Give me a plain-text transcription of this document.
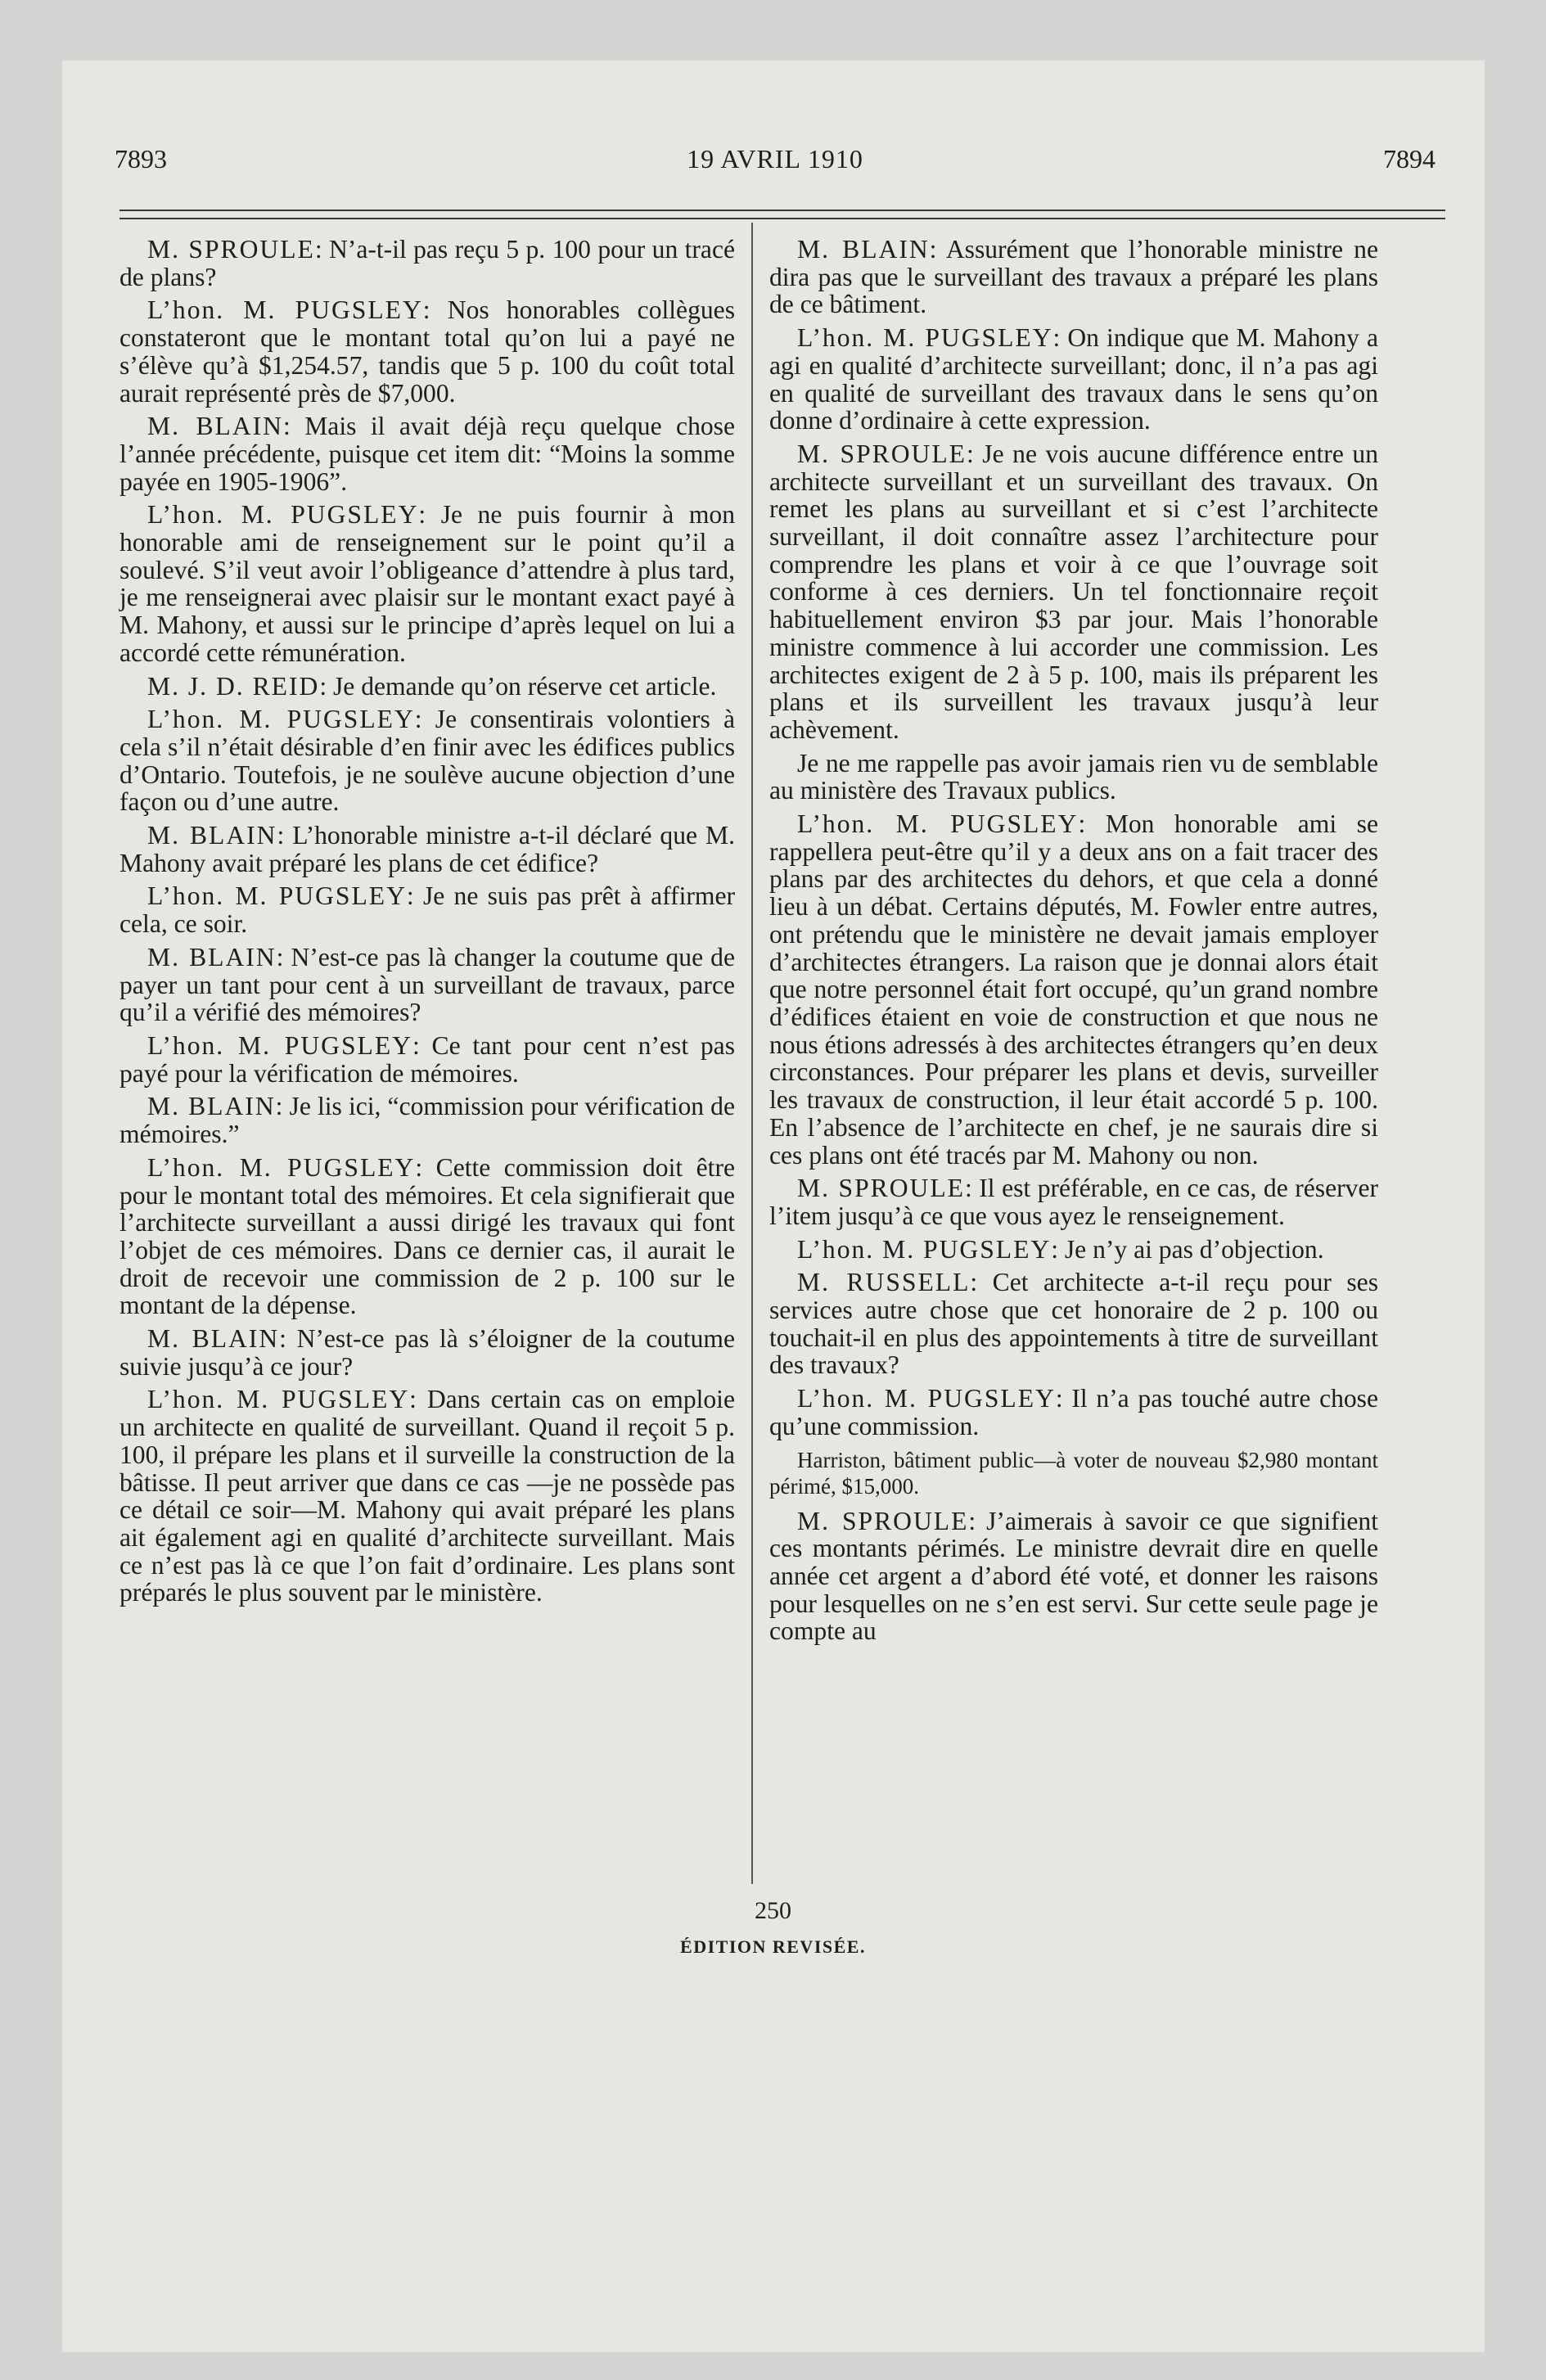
7893	19 AVRIL 1910	7894

M. SPROULE: N’a-t-il pas reçu 5 p. 100 pour un tracé de plans?

L’hon. M. PUGSLEY: Nos honorables collègues constateront que le montant total qu’on lui a payé ne s’élève qu’à $1,254.57, tandis que 5 p. 100 du coût total aurait représenté près de $7,000.

M. BLAIN: Mais il avait déjà reçu quelque chose l’année précédente, puisque cet item dit: “Moins la somme payée en 1905-1906”.

L’hon. M. PUGSLEY: Je ne puis fournir à mon honorable ami de renseignement sur le point qu’il a soulevé. S’il veut avoir l’obligeance d’attendre à plus tard, je me renseignerai avec plaisir sur le montant exact payé à M. Mahony, et aussi sur le principe d’après lequel on lui a accordé cette rémunération.

M. J. D. REID: Je demande qu’on réserve cet article.

L’hon. M. PUGSLEY: Je consentirais volontiers à cela s’il n’était désirable d’en finir avec les édifices publics d’Ontario. Toutefois, je ne soulève aucune objection d’une façon ou d’une autre.

M. BLAIN: L’honorable ministre a-t-il déclaré que M. Mahony avait préparé les plans de cet édifice?

L’hon. M. PUGSLEY: Je ne suis pas prêt à affirmer cela, ce soir.

M. BLAIN: N’est-ce pas là changer la coutume que de payer un tant pour cent à un surveillant de travaux, parce qu’il a vérifié des mémoires?

L’hon. M. PUGSLEY: Ce tant pour cent n’est pas payé pour la vérification de mémoires.

M. BLAIN: Je lis ici, “commission pour vérification de mémoires.”

L’hon. M. PUGSLEY: Cette commission doit être pour le montant total des mémoires. Et cela signifierait que l’architecte surveillant a aussi dirigé les travaux qui font l’objet de ces mémoires. Dans ce dernier cas, il aurait le droit de recevoir une commission de 2 p. 100 sur le montant de la dépense.

M. BLAIN: N’est-ce pas là s’éloigner de la coutume suivie jusqu’à ce jour?

L’hon. M. PUGSLEY: Dans certain cas on emploie un architecte en qualité de surveillant. Quand il reçoit 5 p. 100, il prépare les plans et il surveille la construction de la bâtisse. Il peut arriver que dans ce cas —je ne possède pas ce détail ce soir—M. Mahony qui avait préparé les plans ait également agi en qualité d’architecte surveillant. Mais ce n’est pas là ce que l’on fait d’ordinaire. Les plans sont préparés le plus souvent par le ministère.

M. BLAIN: Assurément que l’honorable ministre ne dira pas que le surveillant des travaux a préparé les plans de ce bâtiment.

L’hon. M. PUGSLEY: On indique que M. Mahony a agi en qualité d’architecte surveillant; donc, il n’a pas agi en qualité de surveillant des travaux dans le sens qu’on donne d’ordinaire à cette expression.

M. SPROULE: Je ne vois aucune différence entre un architecte surveillant et un surveillant des travaux. On remet les plans au surveillant et si c’est l’architecte surveillant, il doit connaître assez l’architecture pour comprendre les plans et voir à ce que l’ouvrage soit conforme à ces derniers. Un tel fonctionnaire reçoit habituellement environ $3 par jour. Mais l’honorable ministre commence à lui accorder une commission. Les architectes exigent de 2 à 5 p. 100, mais ils préparent les plans et ils surveillent les travaux jusqu’à leur achèvement.

Je ne me rappelle pas avoir jamais rien vu de semblable au ministère des Travaux publics.

L’hon. M. PUGSLEY: Mon honorable ami se rappellera peut-être qu’il y a deux ans on a fait tracer des plans par des architectes du dehors, et que cela a donné lieu à un débat. Certains députés, M. Fowler entre autres, ont prétendu que le ministère ne devait jamais employer d’architectes étrangers. La raison que je donnai alors était que notre personnel était fort occupé, qu’un grand nombre d’édifices étaient en voie de construction et que nous ne nous étions adressés à des architectes étrangers qu’en deux circonstances. Pour préparer les plans et devis, surveiller les travaux de construction, il leur était accordé 5 p. 100. En l’absence de l’architecte en chef, je ne saurais dire si ces plans ont été tracés par M. Mahony ou non.

M. SPROULE: Il est préférable, en ce cas, de réserver l’item jusqu’à ce que vous ayez le renseignement.

L’hon. M. PUGSLEY: Je n’y ai pas d’objection.

M. RUSSELL: Cet architecte a-t-il reçu pour ses services autre chose que cet honoraire de 2 p. 100 ou touchait-il en plus des appointements à titre de surveillant des travaux?

L’hon. M. PUGSLEY: Il n’a pas touché autre chose qu’une commission.

Harriston, bâtiment public—à voter de nouveau $2,980 montant périmé, $15,000.

M. SPROULE: J’aimerais à savoir ce que signifient ces montants périmés. Le ministre devrait dire en quelle année cet argent a d’abord été voté, et donner les raisons pour lesquelles on ne s’en est servi. Sur cette seule page je compte au

250
ÉDITION REVISÉE.
